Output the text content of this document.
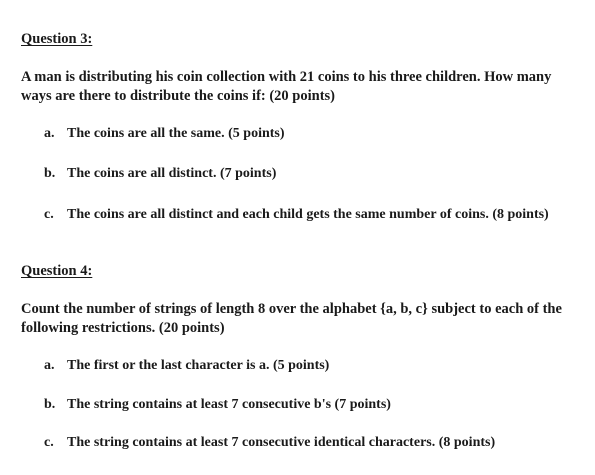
Question 3:
A man is distributing his coin collection with 21 coins to his three children. How many
ways are there to distribute the coins if: (20 points)
a. The coins are all the same. (5 points)
b. The coins are all distinct. (7 points)
c. The coins are all distinct and each child gets the same number of coins. (8 points)
Question 4:
Count the number of strings of length 8 over the alphabet {a, b, c} subject to each of the
following restrictions. (20 points)
a. The first or the last character is a. (5 points)
b. The string contains at least 7 consecutive b's (7 points)
c. The string contains at least 7 consecutive identical characters. (8 points)
